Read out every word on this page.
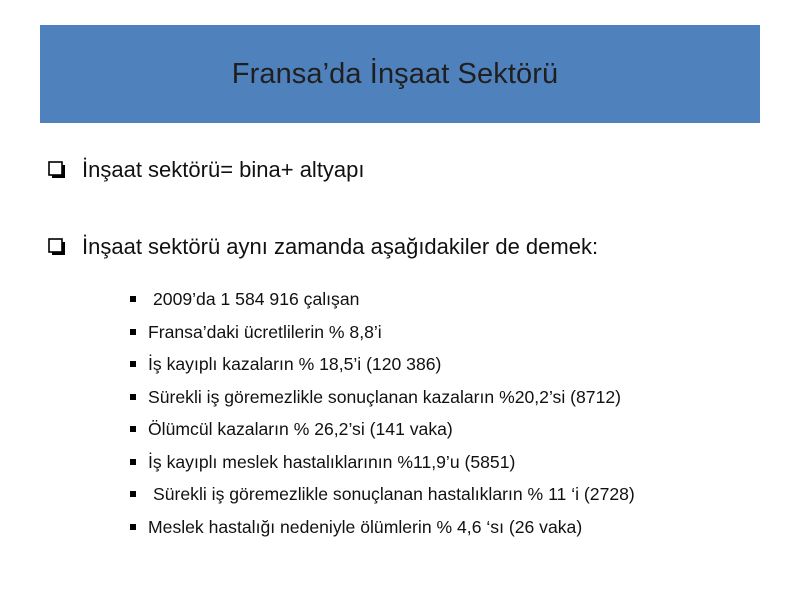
Fransa’da İnşaat Sektörü
İnşaat sektörü= bina+ altyapı
İnşaat sektörü aynı zamanda aşağıdakiler de demek:
2009’da 1 584 916 çalışan
Fransa’daki ücretlilerin % 8,8’i
İş kayıplı kazaların % 18,5’i (120 386)
Sürekli iş göremezlikle sonuçlanan kazaların %20,2’si (8712)
Ölümcül kazaların % 26,2’si (141 vaka)
İş kayıplı meslek hastalıklarının %11,9’u (5851)
Sürekli iş göremezlikle sonuçlanan hastalıkların % 11 ‘i (2728)
Meslek hastalığı nedeniyle ölümlerin % 4,6 ‘sı (26 vaka)
